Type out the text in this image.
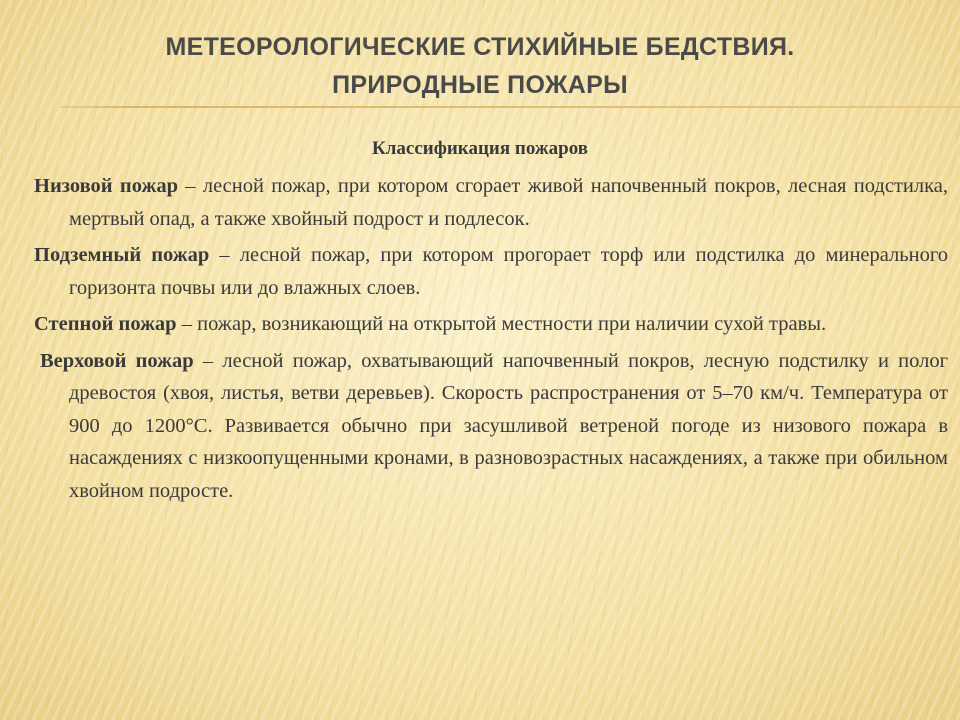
МЕТЕОРОЛОГИЧЕСКИЕ СТИХИЙНЫЕ БЕДСТВИЯ.
ПРИРОДНЫЕ ПОЖАРЫ
Классификация пожаров

Низовой пожар – лесной пожар, при котором сгорает живой напочвенный покров, лесная подстилка, мертвый опад, а также хвойный подрост и подлесок.

Подземный пожар – лесной пожар, при котором прогорает торф или подстилка до минерального горизонта почвы или до влажных слоев.

Степной пожар – пожар, возникающий на открытой местности при наличии сухой травы.

Верховой пожар – лесной пожар, охватывающий напочвенный покров, лесную подстилку и полог древостоя (хвоя, листья, ветви деревьев). Скорость распространения от 5–70 км/ч. Температура от 900 до 1200°С. Развивается обычно при засушливой ветреной погоде из низового пожара в насаждениях с низкоопущенными кронами, в разновозрастных насаждениях, а также при обильном хвойном подросте.
